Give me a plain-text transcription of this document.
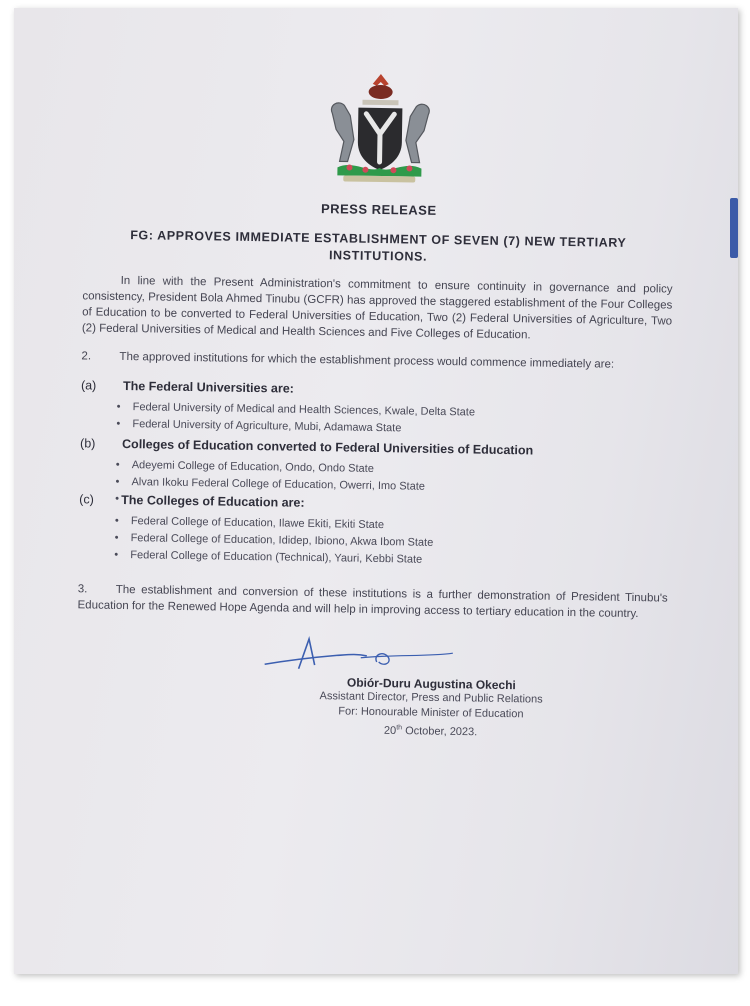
PRESS RELEASE
FG: APPROVES IMMEDIATE ESTABLISHMENT OF SEVEN (7) NEW TERTIARY INSTITUTIONS.

In line with the Present Administration's commitment to ensure continuity in governance and policy consistency, President Bola Ahmed Tinubu (GCFR) has approved the staggered establishment of the Four Colleges of Education to be converted to Federal Universities of Education, Two (2) Federal Universities of Agriculture, Two (2) Federal Universities of Medical and Health Sciences and Five Colleges of Education.

2. The approved institutions for which the establishment process would commence immediately are:

(a) The Federal Universities are:
• Federal University of Medical and Health Sciences, Kwale, Delta State
• Federal University of Agriculture, Mubi, Adamawa State
(b) Colleges of Education converted to Federal Universities of Education
• Adeyemi College of Education, Ondo, Ondo State
• Alvan Ikoku Federal College of Education, Owerri, Imo State
•
(c) The Colleges of Education are:
• Federal College of Education, Ilawe Ekiti, Ekiti State
• Federal College of Education, Ididep, Ibiono, Akwa Ibom State
• Federal College of Education (Technical), Yauri, Kebbi State

3. The establishment and conversion of these institutions is a further demonstration of President Tinubu's Education for the Renewed Hope Agenda and will help in improving access to tertiary education in the country.

Obiór-Duru Augustina Okechi
Assistant Director, Press and Public Relations
For: Honourable Minister of Education
20th October, 2023.
